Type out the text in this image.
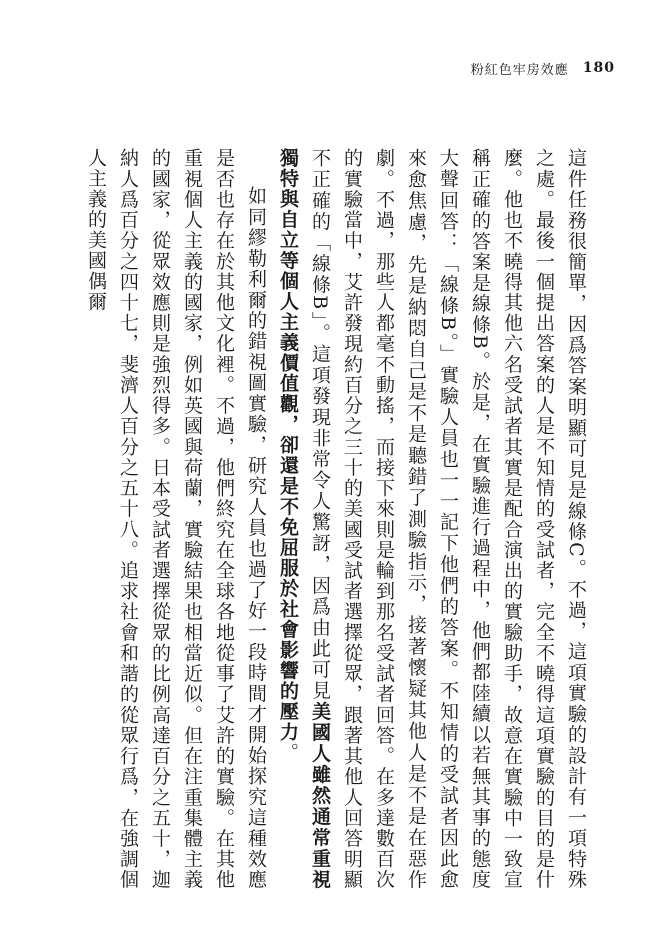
粉紅色牢房效應 180

這件任務很簡單，因爲答案明顯可見是線條C。不過，這項實驗的設計有一項特殊之處。最後一個提出答案的人是不知情的受試者，完全不曉得這項實驗的目的是什麼。他也不曉得其他六名受試者其實是配合演出的實驗助手，故意在實驗中一致宣稱正確的答案是線條B。於是，在實驗進行過程中，他們都陸續以若無其事的態度大聲回答：「線條B。」實驗人員也一一記下他們的答案。不知情的受試者因此愈來愈焦慮，先是納悶自己是不是聽錯了測驗指示，接著懷疑其他人是不是在惡作劇。不過，那些人都毫不動搖，而接下來則是輪到那名受試者回答。在多達數百次的實驗當中，艾許發現約百分之三十的美國受試者選擇從眾，跟著其他人回答明顯不正確的「線條B」。這項發現非常令人驚訝，因爲由此可見美國人雖然通常重視獨特與自立等個人主義價值觀，卻還是不免屈服於社會影響的壓力。

如同繆勒利爾的錯視圖實驗，研究人員也過了好一段時間才開始探究這種效應是否也存在於其他文化裡。不過，他們終究在全球各地從事了艾許的實驗。在其他重視個人主義的國家，例如英國與荷蘭，實驗結果也相當近似。但在注重集體主義的國家，從眾效應則是強烈得多。日本受試者選擇從眾的比例高達百分之五十，迦納人爲百分之四十七，斐濟人百分之五十八。追求社會和諧的從眾行爲，在強調個人主義的美國偶爾
